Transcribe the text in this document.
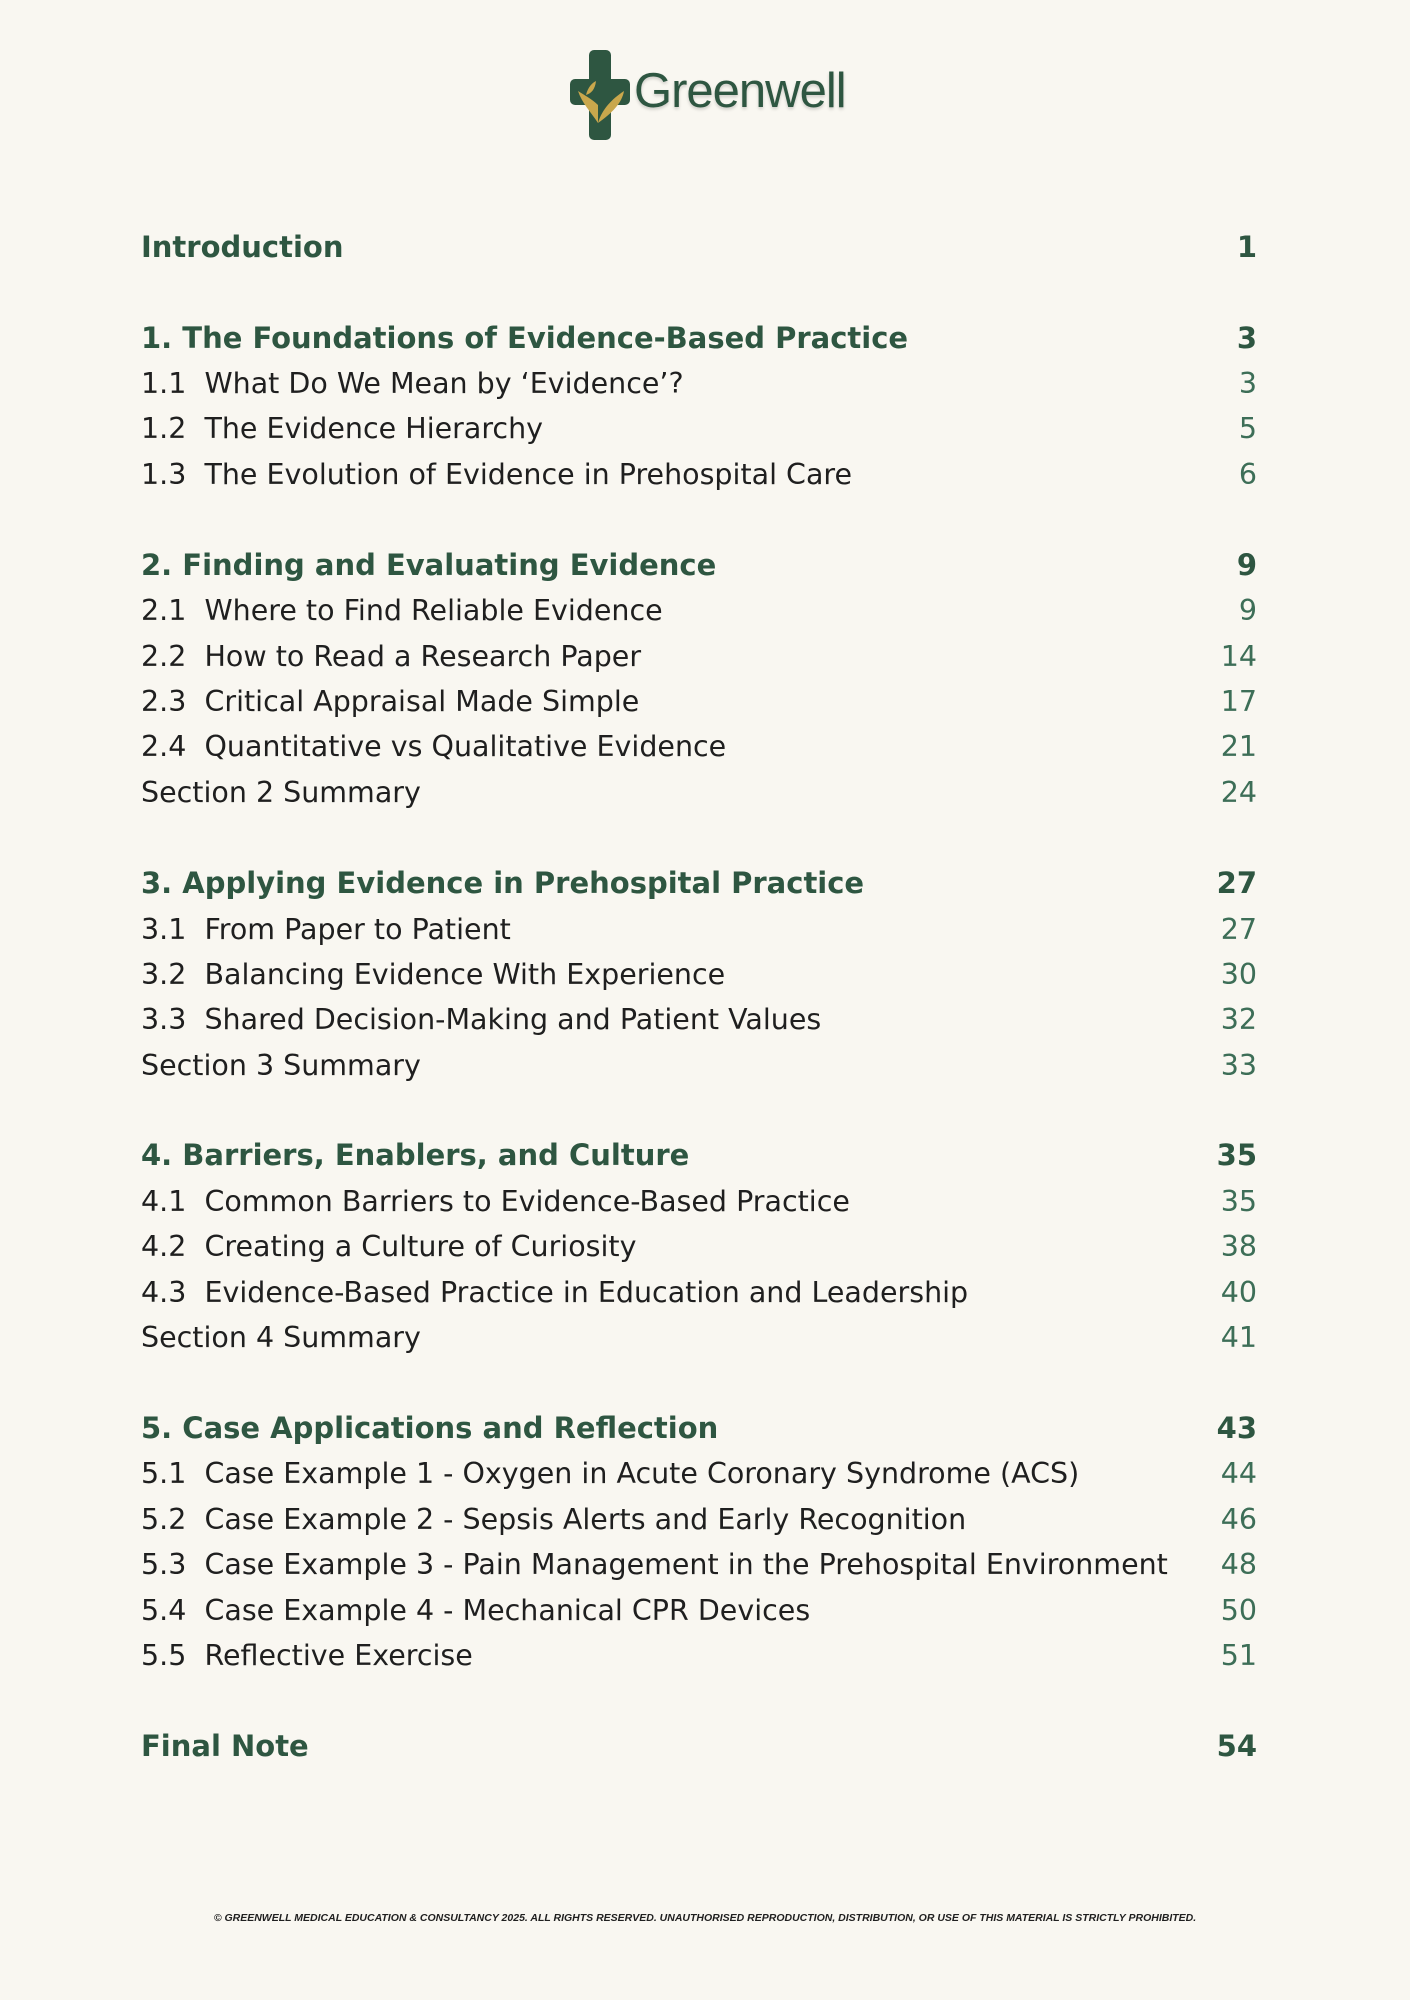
Greenwell
Introduction	1
1. The Foundations of Evidence-Based Practice	3
1.1 What Do We Mean by ‘Evidence’?	3
1.2 The Evidence Hierarchy	5
1.3 The Evolution of Evidence in Prehospital Care	6
2. Finding and Evaluating Evidence	9
2.1 Where to Find Reliable Evidence	9
2.2 How to Read a Research Paper	14
2.3 Critical Appraisal Made Simple	17
2.4 Quantitative vs Qualitative Evidence	21
Section 2 Summary	24
3. Applying Evidence in Prehospital Practice	27
3.1 From Paper to Patient	27
3.2 Balancing Evidence With Experience	30
3.3 Shared Decision-Making and Patient Values	32
Section 3 Summary	33
4. Barriers, Enablers, and Culture	35
4.1 Common Barriers to Evidence-Based Practice	35
4.2 Creating a Culture of Curiosity	38
4.3 Evidence-Based Practice in Education and Leadership	40
Section 4 Summary	41
5. Case Applications and Reflection	43
5.1 Case Example 1 - Oxygen in Acute Coronary Syndrome (ACS)	44
5.2 Case Example 2 - Sepsis Alerts and Early Recognition	46
5.3 Case Example 3 - Pain Management in the Prehospital Environment 48
5.4 Case Example 4 - Mechanical CPR Devices	50
5.5 Reflective Exercise	51
Final Note	54
© GREENWELL MEDICAL EDUCATION & CONSULTANCY 2025. ALL RIGHTS RESERVED. UNAUTHORISED REPRODUCTION, DISTRIBUTION, OR USE OF THIS MATERIAL IS STRICTLY PROHIBITED.
